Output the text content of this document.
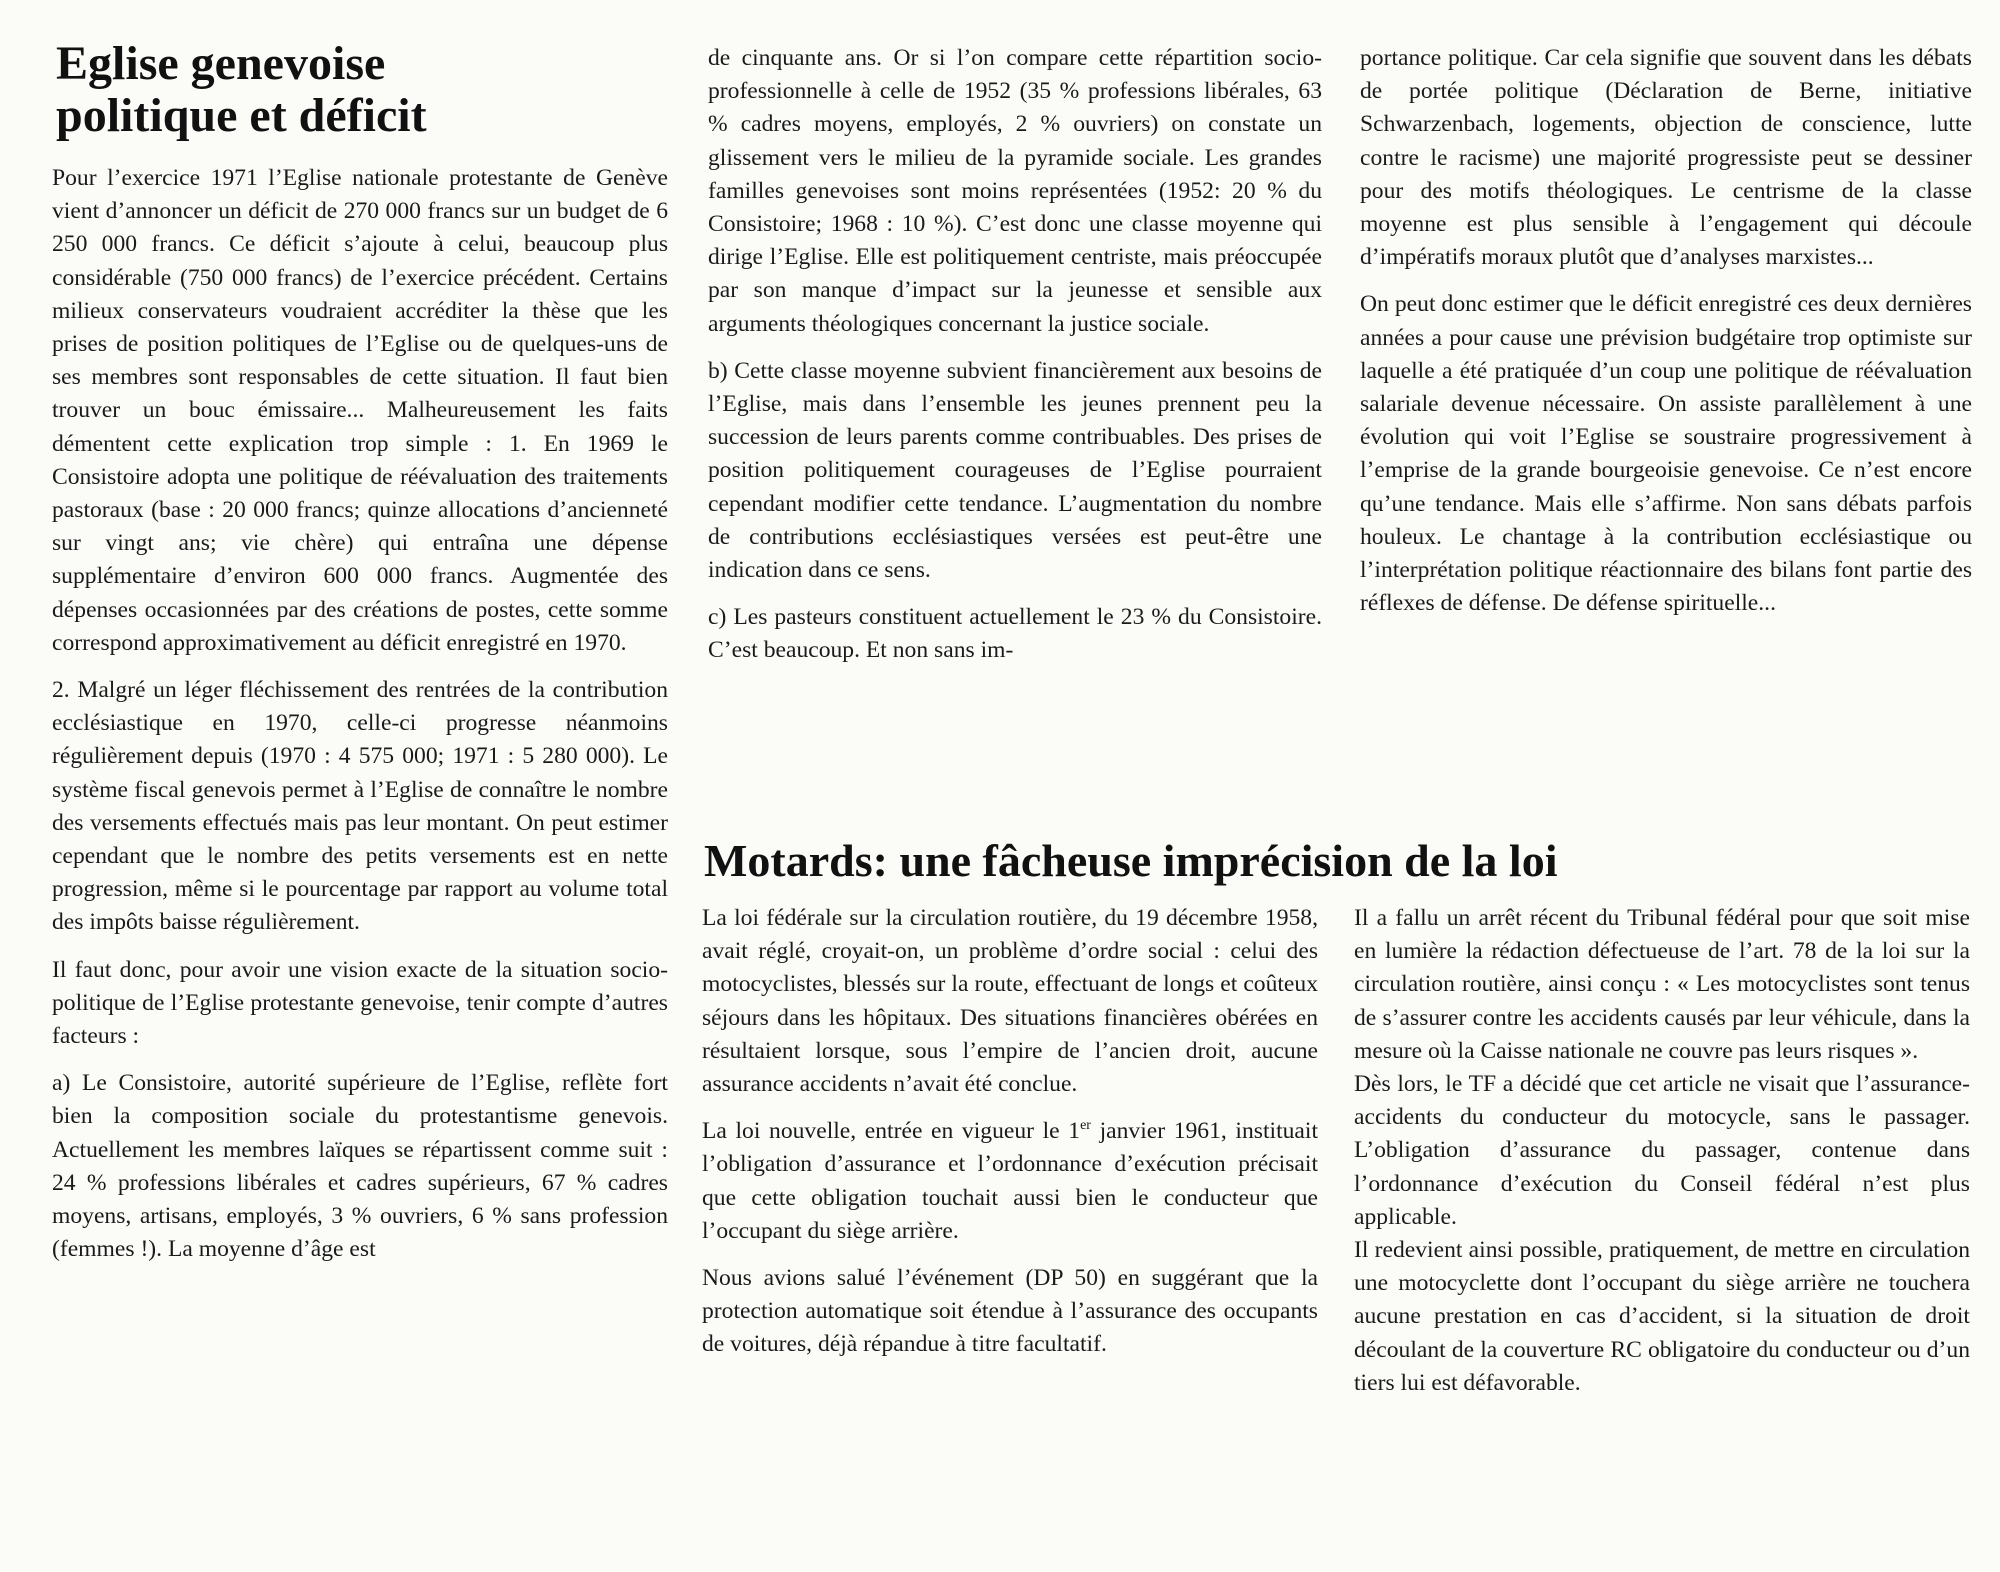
Eglise genevoise
politique et déficit

Pour l’exercice 1971 l’Eglise nationale protestante de Genève vient d’annoncer un déficit de 270 000 francs sur un budget de 6 250 000 francs. Ce déficit s’ajoute à celui, beaucoup plus considérable (750 000 francs) de l’exercice précédent. Certains milieux conservateurs voudraient accréditer la thèse que les prises de position politiques de l’Eglise ou de quelques-uns de ses membres sont responsables de cette situation. Il faut bien trouver un bouc émissaire... Malheureusement les faits démentent cette explication trop simple : 1. En 1969 le Consistoire adopta une politique de réévaluation des traitements pastoraux (base : 20 000 francs; quinze allocations d’ancienneté sur vingt ans; vie chère) qui entraîna une dépense supplémentaire d’environ 600 000 francs. Augmentée des dépenses occasionnées par des créations de postes, cette somme correspond approximativement au déficit enregistré en 1970.

2. Malgré un léger fléchissement des rentrées de la contribution ecclésiastique en 1970, celle-ci progresse néanmoins régulièrement depuis (1970 : 4 575 000; 1971 : 5 280 000). Le système fiscal genevois permet à l’Eglise de connaître le nombre des versements effectués mais pas leur montant. On peut estimer cependant que le nombre des petits versements est en nette progression, même si le pourcentage par rapport au volume total des impôts baisse régulièrement.

Il faut donc, pour avoir une vision exacte de la situation socio-politique de l’Eglise protestante genevoise, tenir compte d’autres facteurs :

a) Le Consistoire, autorité supérieure de l’Eglise, reflète fort bien la composition sociale du protestantisme genevois. Actuellement les membres laïques se répartissent comme suit : 24 % professions libérales et cadres supérieurs, 67 % cadres moyens, artisans, employés, 3 % ouvriers, 6 % sans profession (femmes !). La moyenne d’âge est

de cinquante ans. Or si l’on compare cette répartition socio-professionnelle à celle de 1952 (35 % professions libérales, 63 % cadres moyens, employés, 2 % ouvriers) on constate un glissement vers le milieu de la pyramide sociale. Les grandes familles genevoises sont moins représentées (1952: 20 % du Consistoire; 1968 : 10 %). C’est donc une classe moyenne qui dirige l’Eglise. Elle est politiquement centriste, mais préoccupée par son manque d’impact sur la jeunesse et sensible aux arguments théologiques concernant la justice sociale.

b) Cette classe moyenne subvient financièrement aux besoins de l’Eglise, mais dans l’ensemble les jeunes prennent peu la succession de leurs parents comme contribuables. Des prises de position politiquement courageuses de l’Eglise pourraient cependant modifier cette tendance. L’augmentation du nombre de contributions ecclésiastiques versées est peut-être une indication dans ce sens.

c) Les pasteurs constituent actuellement le 23 % du Consistoire. C’est beaucoup. Et non sans im-

portance politique. Car cela signifie que souvent dans les débats de portée politique (Déclaration de Berne, initiative Schwarzenbach, logements, objection de conscience, lutte contre le racisme) une majorité progressiste peut se dessiner pour des motifs théologiques. Le centrisme de la classe moyenne est plus sensible à l’engagement qui découle d’impératifs moraux plutôt que d’analyses marxistes...

On peut donc estimer que le déficit enregistré ces deux dernières années a pour cause une prévision budgétaire trop optimiste sur laquelle a été pratiquée d’un coup une politique de réévaluation salariale devenue nécessaire. On assiste parallèlement à une évolution qui voit l’Eglise se soustraire progressivement à l’emprise de la grande bourgeoisie genevoise. Ce n’est encore qu’une tendance. Mais elle s’affirme. Non sans débats parfois houleux. Le chantage à la contribution ecclésiastique ou l’interprétation politique réactionnaire des bilans font partie des réflexes de défense. De défense spirituelle...

Motards: une fâcheuse imprécision de la loi

La loi fédérale sur la circulation routière, du 19 décembre 1958, avait réglé, croyait-on, un problème d’ordre social : celui des motocyclistes, blessés sur la route, effectuant de longs et coûteux séjours dans les hôpitaux. Des situations financières obérées en résultaient lorsque, sous l’empire de l’ancien droit, aucune assurance accidents n’avait été conclue.

La loi nouvelle, entrée en vigueur le 1er janvier 1961, instituait l’obligation d’assurance et l’ordonnance d’exécution précisait que cette obligation touchait aussi bien le conducteur que l’occupant du siège arrière.

Nous avions salué l’événement (DP 50) en suggérant que la protection automatique soit étendue à l’assurance des occupants de voitures, déjà répandue à titre facultatif.

Il a fallu un arrêt récent du Tribunal fédéral pour que soit mise en lumière la rédaction défectueuse de l’art. 78 de la loi sur la circulation routière, ainsi conçu : « Les motocyclistes sont tenus de s’assurer contre les accidents causés par leur véhicule, dans la mesure où la Caisse nationale ne couvre pas leurs risques ».

Dès lors, le TF a décidé que cet article ne visait que l’assurance-accidents du conducteur du motocycle, sans le passager. L’obligation d’assurance du passager, contenue dans l’ordonnance d’exécution du Conseil fédéral n’est plus applicable.

Il redevient ainsi possible, pratiquement, de mettre en circulation une motocyclette dont l’occupant du siège arrière ne touchera aucune prestation en cas d’accident, si la situation de droit découlant de la couverture RC obligatoire du conducteur ou d’un tiers lui est défavorable.
